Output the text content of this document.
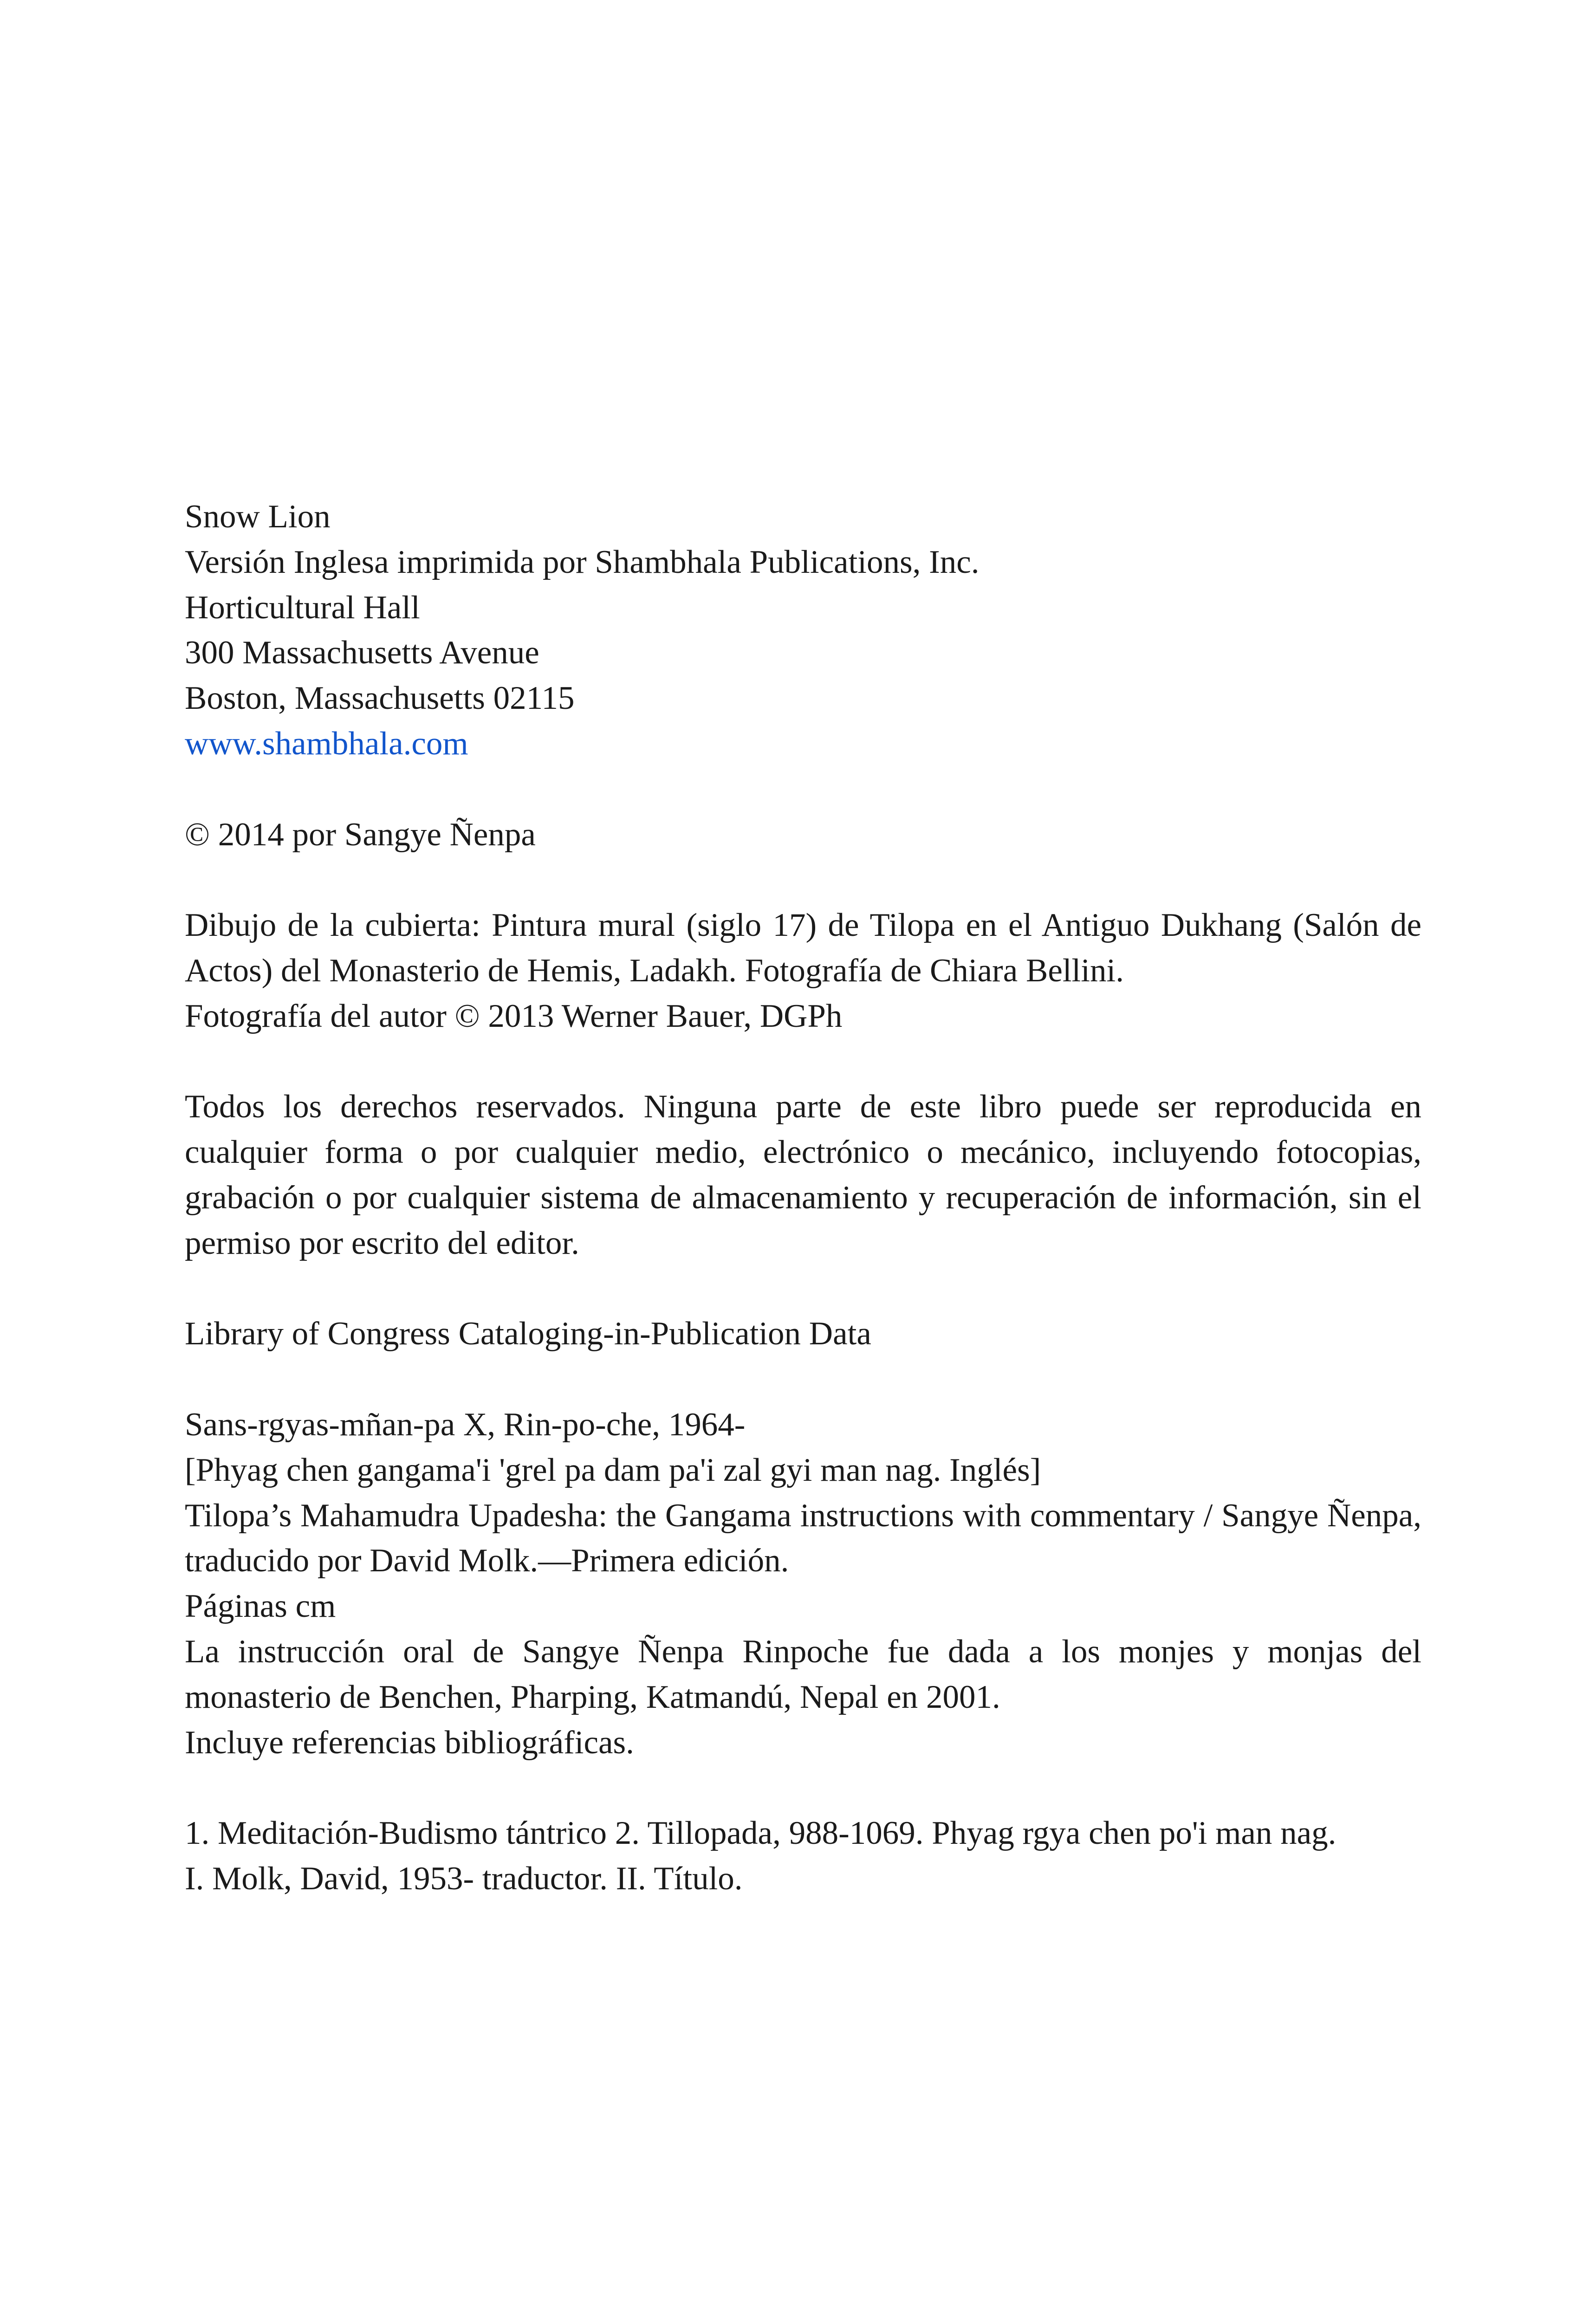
Snow Lion
Versión Inglesa imprimida por Shambhala Publications, Inc.
Horticultural Hall
300 Massachusetts Avenue
Boston, Massachusetts 02115
www.shambhala.com
© 2014 por Sangye Ñenpa

Dibujo de la cubierta: Pintura mural (siglo 17) de Tilopa en el Antiguo Dukhang (Salón de Actos) del Monasterio de Hemis, Ladakh. Fotografía de Chiara Bellini.

Fotografía del autor © 2013 Werner Bauer, DGPh

Todos los derechos reservados. Ninguna parte de este libro puede ser reproducida en cualquier forma o por cualquier medio, electrónico o mecánico, incluyendo fotocopias, grabación o por cualquier sistema de almacenamiento y recuperación de información, sin el permiso por escrito del editor.

Library of Congress Cataloging-in-Publication Data
Sans-rgyas-mñan-pa X, Rin-po-che, 1964-
[Phyag chen gangama'i 'grel pa dam pa'i zal gyi man nag. Inglés]

Tilopa’s Mahamudra Upadesha: the Gangama instructions with commentary / Sangye Ñenpa, traducido por David Molk.—Primera edición.

Páginas cm

La instrucción oral de Sangye Ñenpa Rinpoche fue dada a los monjes y monjas del monasterio de Benchen, Pharping, Katmandú, Nepal en 2001.

Incluye referencias bibliográficas.

1. Meditación-Budismo tántrico 2. Tillopada, 988-1069. Phyag rgya chen po'i man nag.

I. Molk, David, 1953- traductor. II. Título.
